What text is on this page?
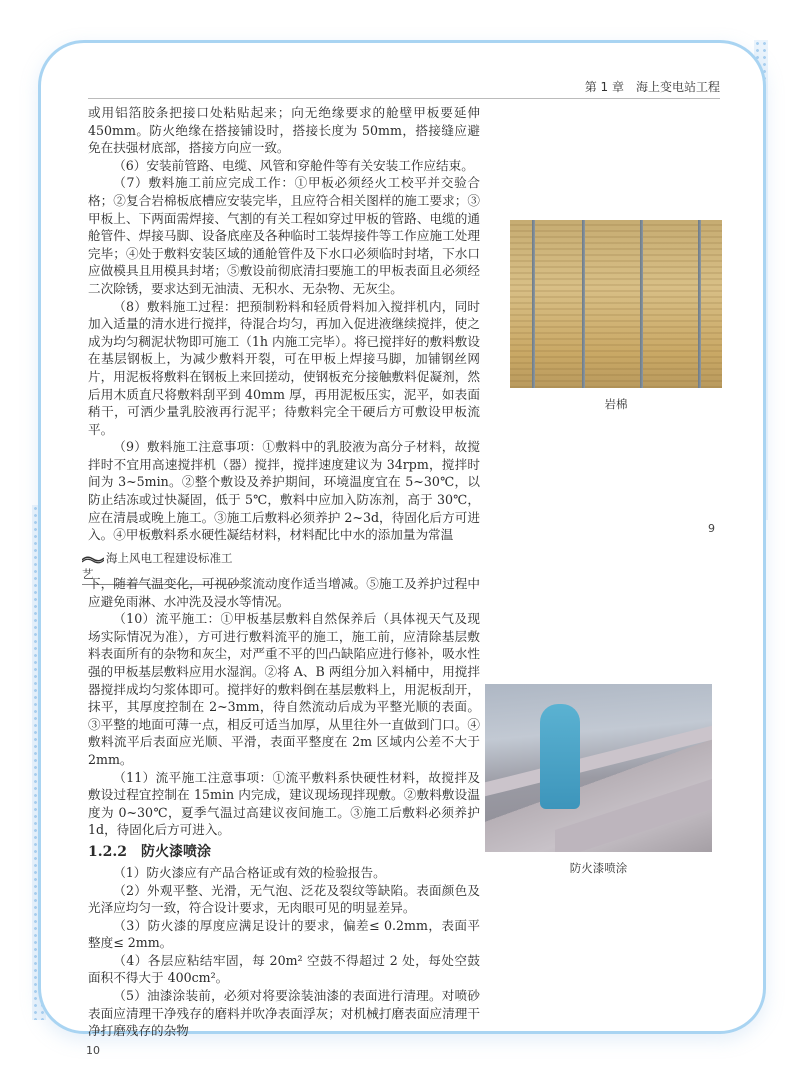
第 1 章　海上变电站工程

或用铝箔胶条把接口处粘贴起来；向无绝缘要求的舱壁甲板要延伸 450mm。防火绝缘在搭接铺设时，搭接长度为 50mm，搭接缝应避免在扶强材底部，搭接方向应一致。

（6）安装前管路、电缆、风管和穿舱件等有关安装工作应结束。

（7）敷料施工前应完成工作：①甲板必须经火工校平并交验合格；②复合岩棉板底槽应安装完毕，且应符合相关图样的施工要求；③甲板上、下两面需焊接、气割的有关工程如穿过甲板的管路、电缆的通舱管件、焊接马脚、设备底座及各种临时工装焊接件等工作应施工处理完毕；④处于敷料安装区域的通舱管件及下水口必须临时封堵，下水口应做模具且用模具封堵；⑤敷设前彻底清扫要施工的甲板表面且必须经二次除锈，要求达到无油渍、无积水、无杂物、无灰尘。

（8）敷料施工过程：把预制粉料和轻质骨料加入搅拌机内，同时加入适量的清水进行搅拌，待混合均匀，再加入促进液继续搅拌，使之成为均匀稠泥状物即可施工（1h 内施工完毕）。将已搅拌好的敷料敷设在基层钢板上，为减少敷料开裂，可在甲板上焊接马脚，加铺钢丝网片，用泥板将敷料在钢板上来回搓动，使钢板充分接触敷料促凝剂，然后用木质直尺将敷料刮平到 40mm 厚，再用泥板压实，泥平，如表面稍干，可洒少量乳胶液再行泥平；待敷料完全干硬后方可敷设甲板流平。

（9）敷料施工注意事项：①敷料中的乳胶液为高分子材料，故搅拌时不宜用高速搅拌机（器）搅拌，搅拌速度建议为 34rpm，搅拌时间为 3~5min。②整个敷设及养护期间，环境温度宜在 5~30℃，以防止结冻或过快凝固，低于 5℃，敷料中应加入防冻剂，高于 30℃，应在清晨或晚上施工。③施工后敷料必须养护 2~3d，待固化后方可进入。④甲板敷料系水硬性凝结材料，材料配比中水的添加量为常温

岩棉
9
海上风电工程建设标准工艺

下，随着气温变化，可视砂浆流动度作适当增减。⑤施工及养护过程中应避免雨淋、水冲洗及浸水等情况。

（10）流平施工：①甲板基层敷料自然保养后（具体视天气及现场实际情况为准），方可进行敷料流平的施工，施工前，应清除基层敷料表面所有的杂物和灰尘，对严重不平的凹凸缺陷应进行修补，吸水性强的甲板基层敷料应用水湿润。②将 A、B 两组分加入料桶中，用搅拌器搅拌成均匀浆体即可。搅拌好的敷料倒在基层敷料上，用泥板刮开，抹平，其厚度控制在 2~3mm，待自然流动后成为平整光顺的表面。③平整的地面可薄一点，相反可适当加厚，从里往外一直做到门口。④敷料流平后表面应光顺、平滑，表面平整度在 2m 区域内公差不大于 2mm。

（11）流平施工注意事项：①流平敷料系快硬性材料，故搅拌及敷设过程宜控制在 15min 内完成，建议现场现拌现敷。②敷料敷设温度为 0~30℃，夏季气温过高建议夜间施工。③施工后敷料必须养护 1d，待固化后方可进入。

1.2.2　防火漆喷涂

（1）防火漆应有产品合格证或有效的检验报告。

（2）外观平整、光滑，无气泡、泛花及裂纹等缺陷。表面颜色及光泽应均匀一致，符合设计要求，无肉眼可见的明显差异。

（3）防火漆的厚度应满足设计的要求，偏差≤ 0.2mm，表面平整度≤ 2mm。

（4）各层应粘结牢固，每 20m² 空鼓不得超过 2 处，每处空鼓面积不得大于 400cm²。

（5）油漆涂装前，必须对将要涂装油漆的表面进行清理。对喷砂表面应清理干净残存的磨料并吹净表面浮灰；对机械打磨表面应清理干净打磨残存的杂物

防火漆喷涂
10
